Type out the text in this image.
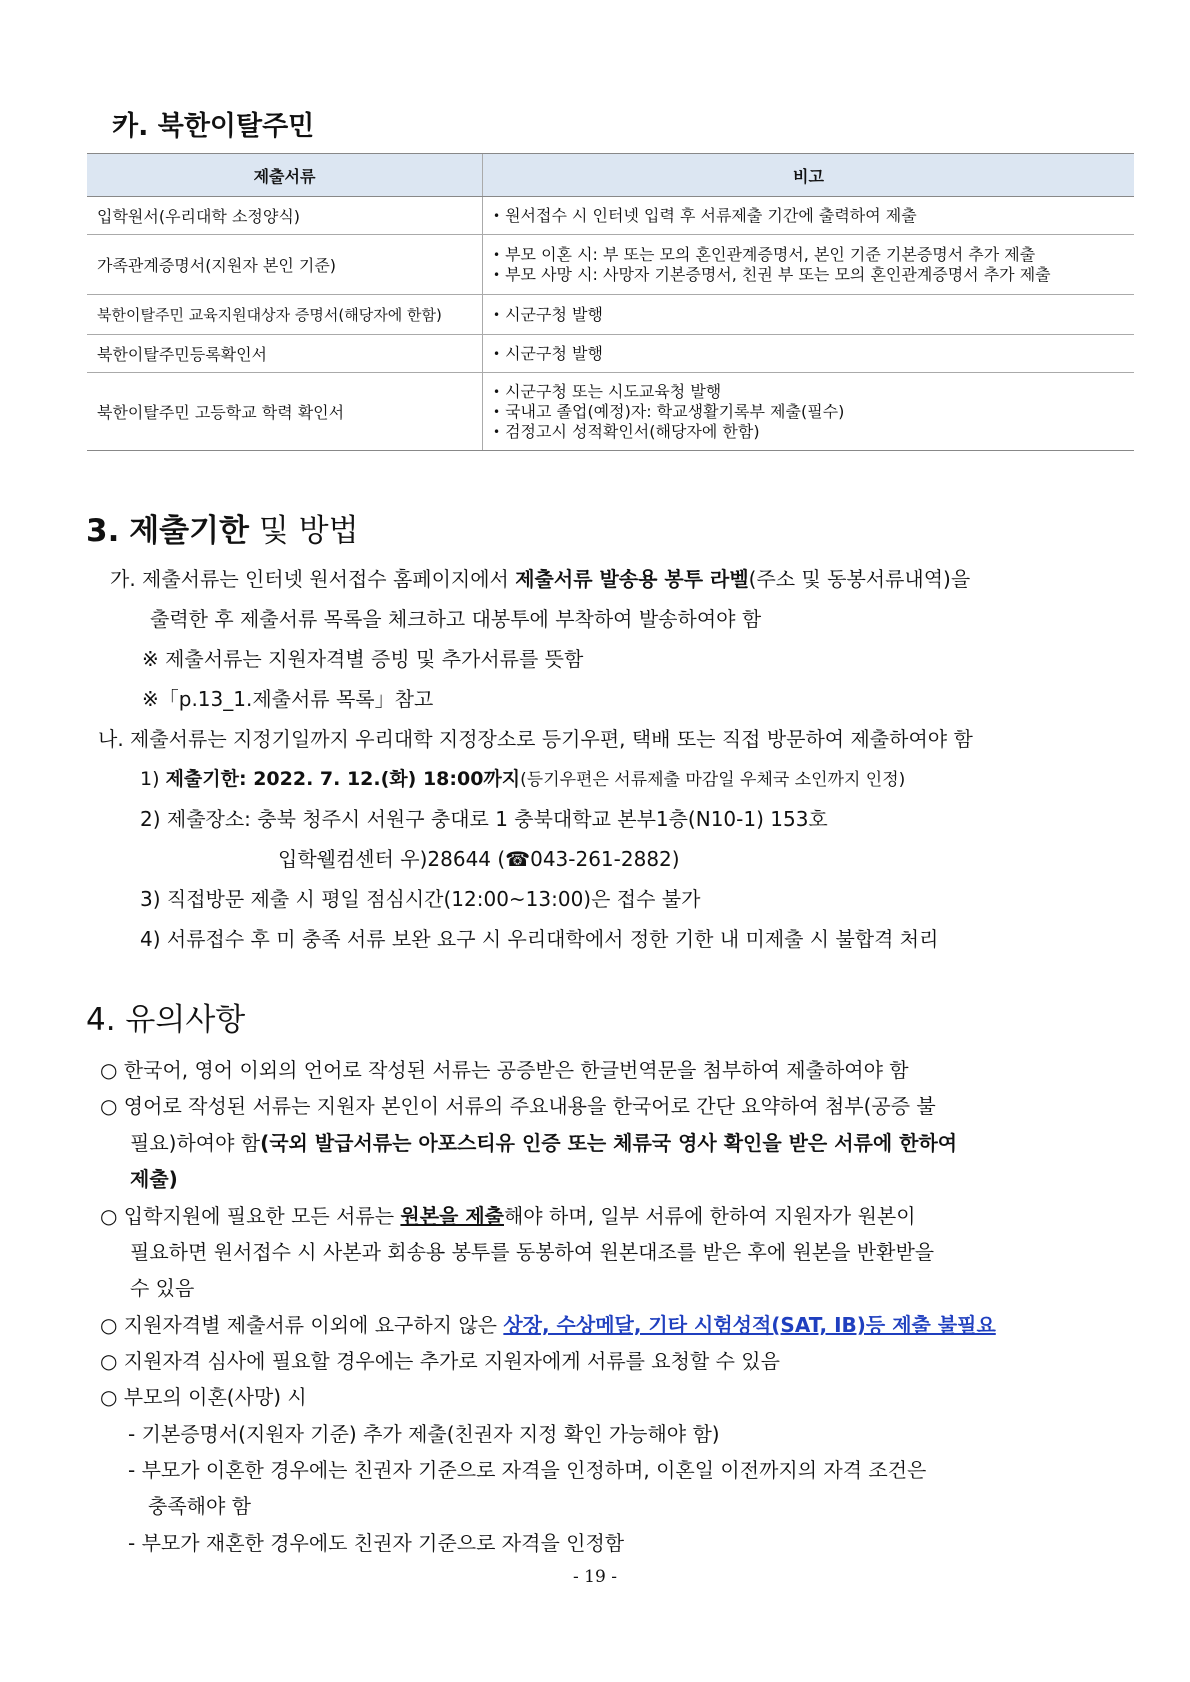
카. 북한이탈주민
제출서류	비고
입학원서(우리대학 소정양식)	• 원서접수 시 인터넷 입력 후 서류제출 기간에 출력하여 제출

가족관계증명서(지원자 본인 기준)	• 부모 이혼 시: 부 또는 모의 혼인관계증명서, 본인 기준 기본증명서 추가 제출
• 부모 사망 시: 사망자 기본증명서, 친권 부 또는 모의 혼인관계증명서 추가 제출

북한이탈주민 교육지원대상자 증명서(해당자에 한함)	• 시군구청 발행

북한이탈주민등록확인서	• 시군구청 발행

북한이탈주민 고등학교 학력 확인서	• 시군구청 또는 시도교육청 발행
• 국내고 졸업(예정)자: 학교생활기록부 제출(필수)
• 검정고시 성적확인서(해당자에 한함)
3. 제출기한 및 방법

가. 제출서류는 인터넷 원서접수 홈페이지에서 제출서류 발송용 봉투 라벨(주소 및 동봉서류내역)을

출력한 후 제출서류 목록을 체크하고 대봉투에 부착하여 발송하여야 함

※ 제출서류는 지원자격별 증빙 및 추가서류를 뜻함

※「p.13_1.제출서류 목록」참고

나. 제출서류는 지정기일까지 우리대학 지정장소로 등기우편, 택배 또는 직접 방문하여 제출하여야 함

1) 제출기한: 2022. 7. 12.(화) 18:00까지(등기우편은 서류제출 마감일 우체국 소인까지 인정)

2) 제출장소: 충북 청주시 서원구 충대로 1 충북대학교 본부1층(N10-1) 153호

입학웰컴센터 우)28644 (☎043-261-2882)

3) 직접방문 제출 시 평일 점심시간(12:00~13:00)은 접수 불가

4) 서류접수 후 미 충족 서류 보완 요구 시 우리대학에서 정한 기한 내 미제출 시 불합격 처리

4. 유의사항

○ 한국어, 영어 이외의 언어로 작성된 서류는 공증받은 한글번역문을 첨부하여 제출하여야 함

○ 영어로 작성된 서류는 지원자 본인이 서류의 주요내용을 한국어로 간단 요약하여 첨부(공증 불

필요)하여야 함(국외 발급서류는 아포스티유 인증 또는 체류국 영사 확인을 받은 서류에 한하여

제출)

○ 입학지원에 필요한 모든 서류는 원본을 제출해야 하며, 일부 서류에 한하여 지원자가 원본이

필요하면 원서접수 시 사본과 회송용 봉투를 동봉하여 원본대조를 받은 후에 원본을 반환받을

수 있음

○ 지원자격별 제출서류 이외에 요구하지 않은 상장, 수상메달, 기타 시험성적(SAT, IB)등 제출 불필요

○ 지원자격 심사에 필요할 경우에는 추가로 지원자에게 서류를 요청할 수 있음

○ 부모의 이혼(사망) 시

- 기본증명서(지원자 기준) 추가 제출(친권자 지정 확인 가능해야 함)

- 부모가 이혼한 경우에는 친권자 기준으로 자격을 인정하며, 이혼일 이전까지의 자격 조건은

충족해야 함

- 부모가 재혼한 경우에도 친권자 기준으로 자격을 인정함

- 19 -
